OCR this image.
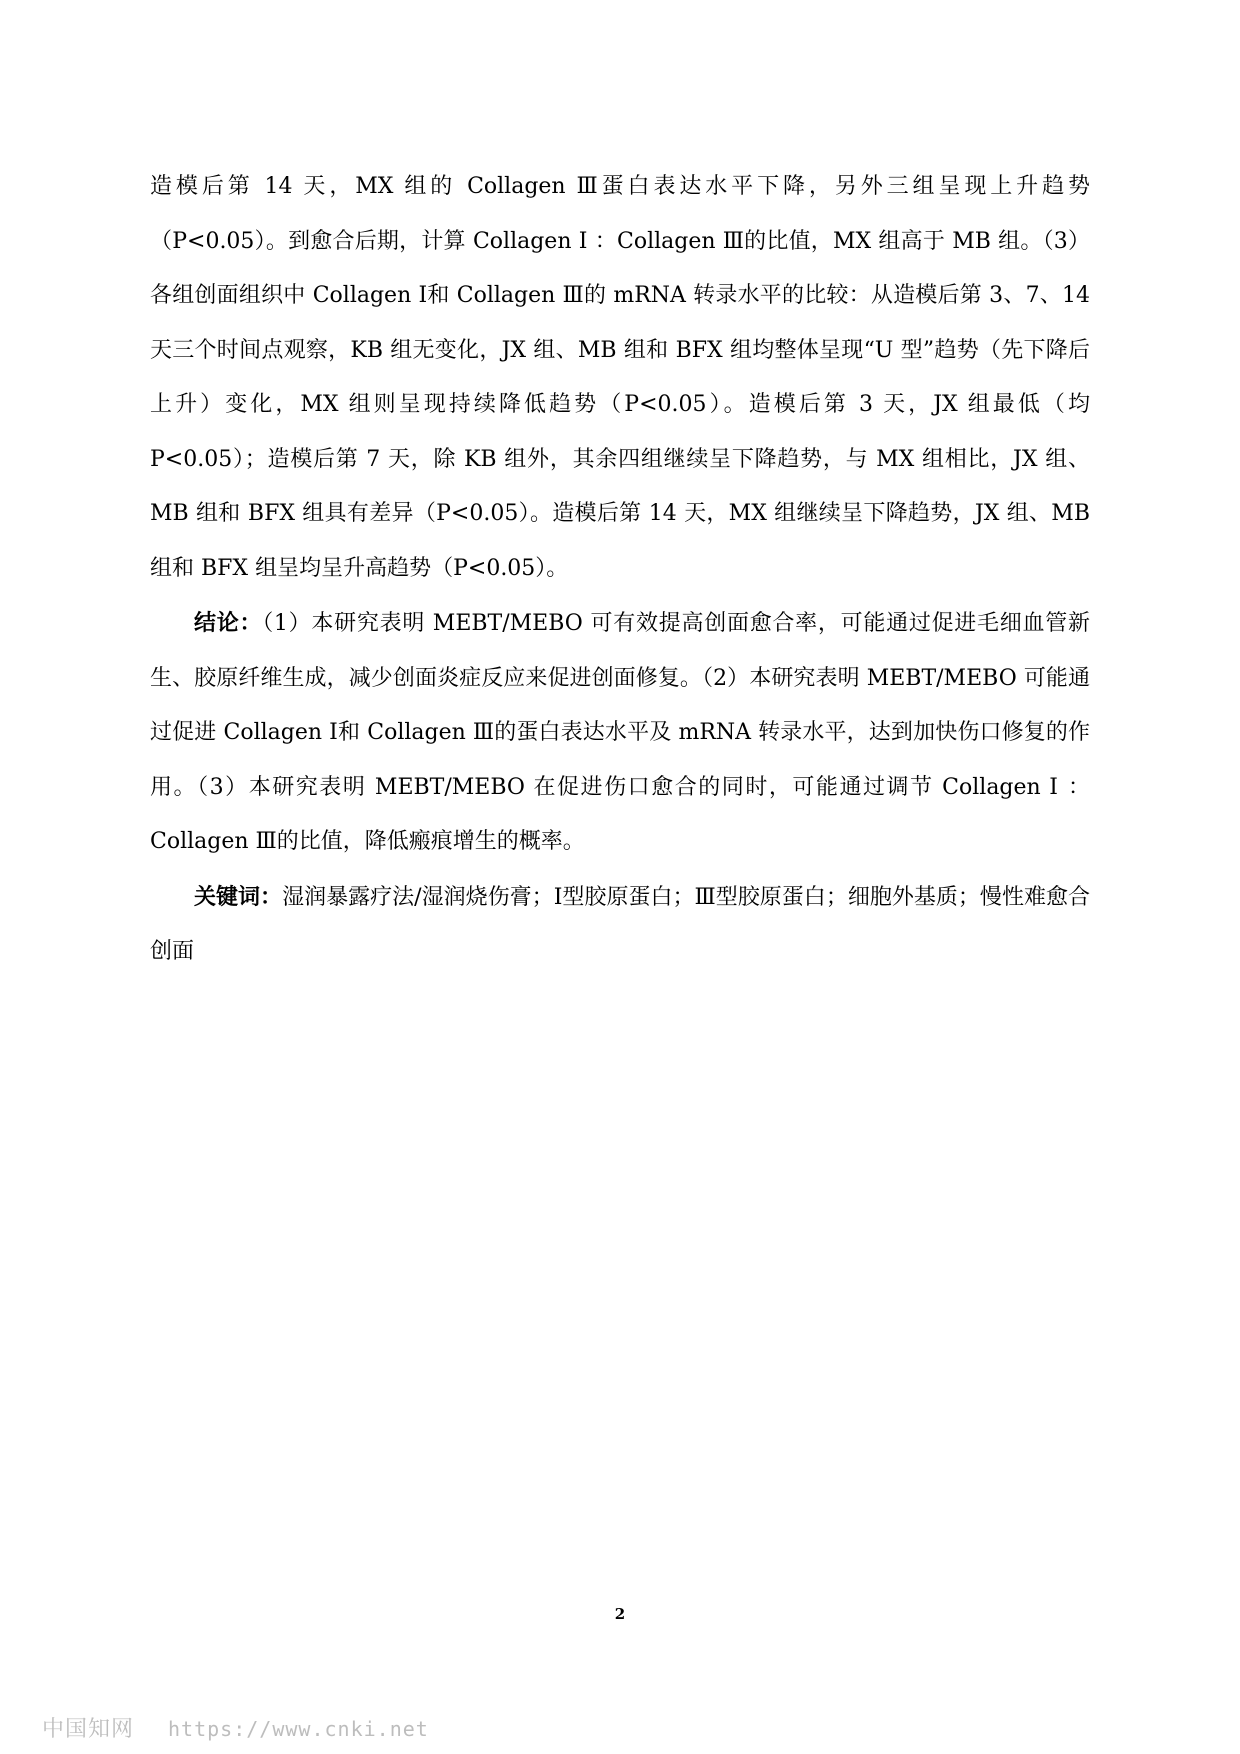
造模后第 14 天，MX 组的 Collagen Ⅲ蛋白表达水平下降，另外三组呈现上升趋势（P<0.05）。到愈合后期，计算 Collagen Ⅰ ：Collagen Ⅲ的比值，MX 组高于 MB 组。（3）各组创面组织中 Collagen Ⅰ和 Collagen Ⅲ的 mRNA 转录水平的比较：从造模后第 3、7、14 天三个时间点观察，KB 组无变化，JX 组、MB 组和 BFX 组均整体呈现“U 型”趋势（先下降后上升）变化，MX 组则呈现持续降低趋势（P<0.05）。造模后第 3 天，JX 组最低（均 P<0.05）；造模后第 7 天，除 KB 组外，其余四组继续呈下降趋势，与 MX 组相比，JX 组、MB 组和 BFX 组具有差异（P<0.05）。造模后第 14 天，MX 组继续呈下降趋势，JX 组、MB 组和 BFX 组呈均呈升高趋势（P<0.05）。

结论：（1）本研究表明 MEBT/MEBO 可有效提高创面愈合率，可能通过促进毛细血管新生、胶原纤维生成，减少创面炎症反应来促进创面修复。（2）本研究表明 MEBT/MEBO 可能通过促进 Collagen Ⅰ和 Collagen Ⅲ的蛋白表达水平及 mRNA 转录水平，达到加快伤口修复的作用。（3）本研究表明 MEBT/MEBO 在促进伤口愈合的同时，可能通过调节 Collagen Ⅰ ：Collagen Ⅲ的比值，降低瘢痕增生的概率。

关键词：湿润暴露疗法/湿润烧伤膏；Ⅰ型胶原蛋白；Ⅲ型胶原蛋白；细胞外基质；慢性难愈合创面

2
中国知网 https://www.cnki.net
